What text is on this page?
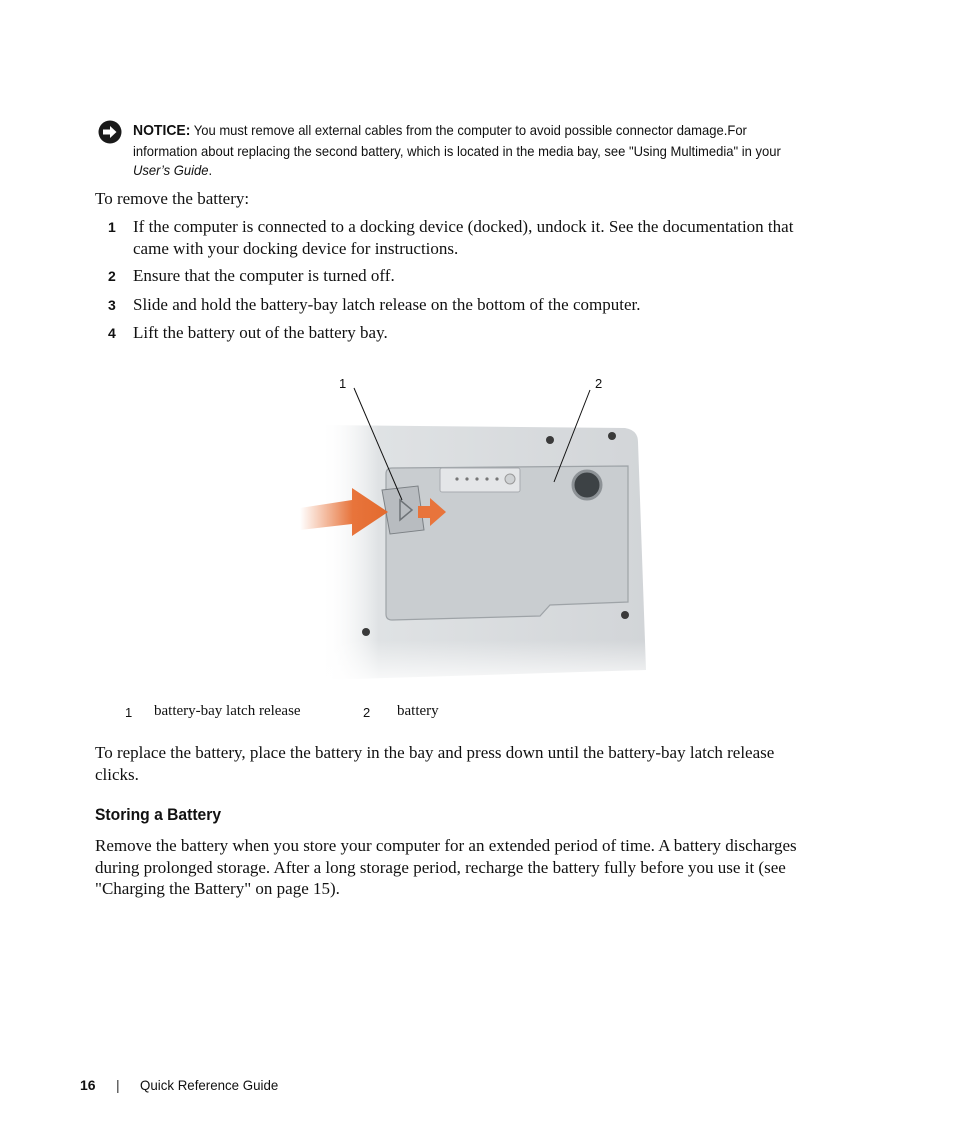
NOTICE: You must remove all external cables from the computer to avoid possible connector damage.For
information about replacing the second battery, which is located in the media bay, see "Using Multimedia" in your
User’s Guide.
To remove the battery:
1 If the computer is connected to a docking device (docked), undock it. See the documentation that
came with your docking device for instructions.
2 Ensure that the computer is turned off.
3 Slide and hold the battery-bay latch release on the bottom of the computer.
4 Lift the battery out of the battery bay.
1	2
1 battery-bay latch release	2 battery
To replace the battery, place the battery in the bay and press down until the battery-bay latch release
clicks.
Storing a Battery
Remove the battery when you store your computer for an extended period of time. A battery discharges
during prolonged storage. After a long storage period, recharge the battery fully before you use it (see
"Charging the Battery" on page 15).
16 | Quick Reference Guide
